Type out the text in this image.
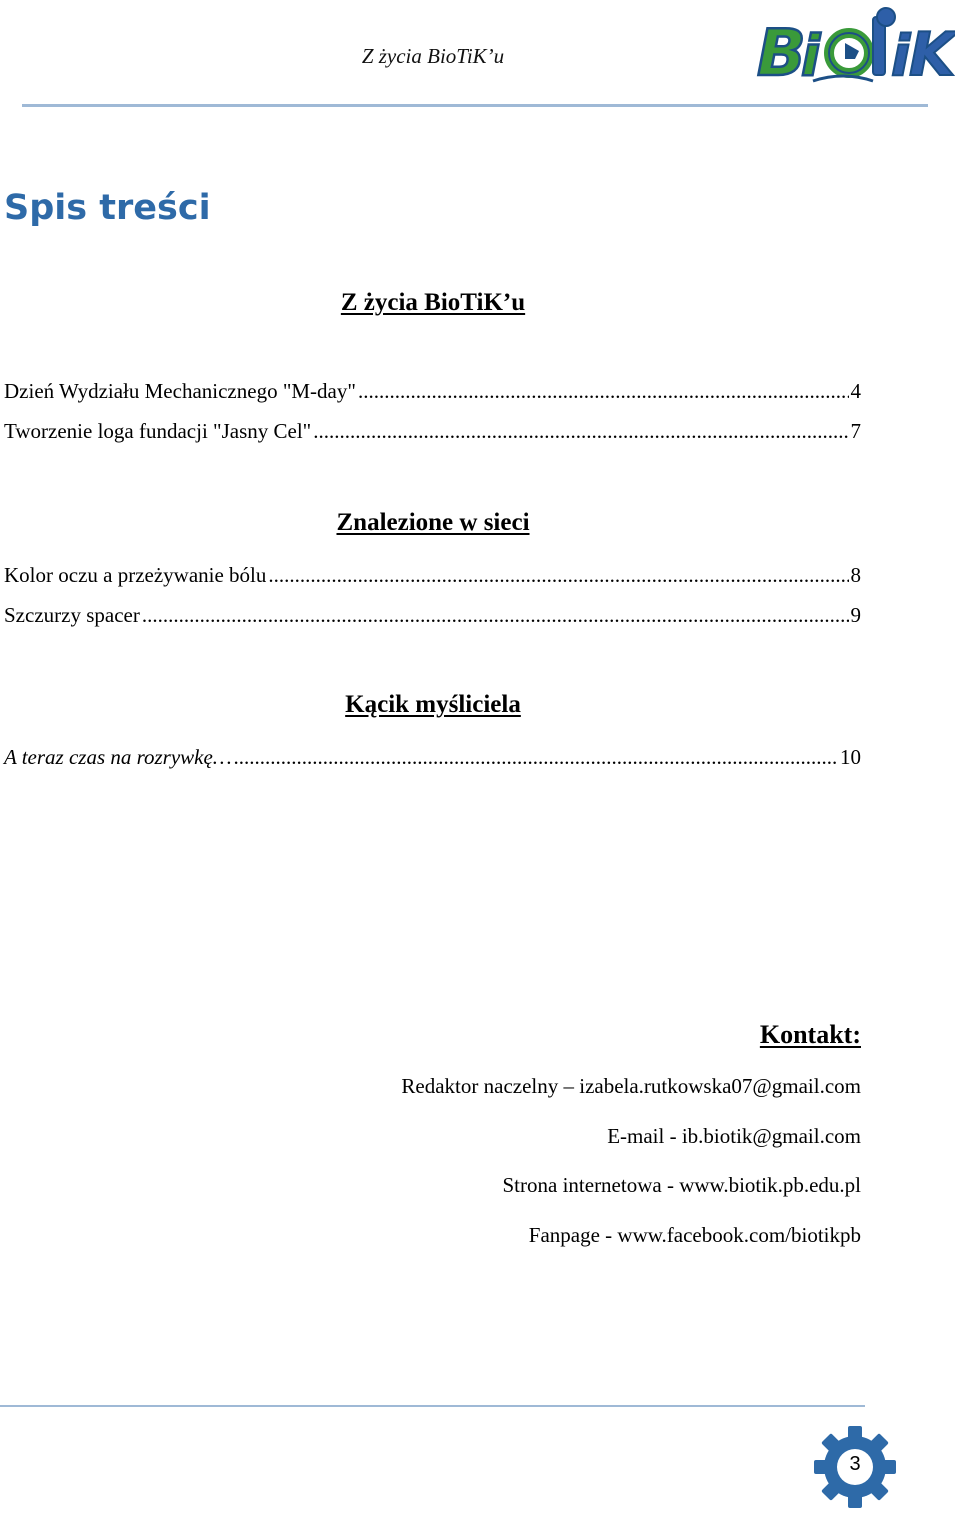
Z życia BioTiK’u	B
i i
K
Spis treści
Z życia BioTiK’u
Dzień Wydziału Mechanicznego "M-day" .....	4
Tworzenie loga fundacji "Jasny Cel" .....	7
Znalezione w sieci
Kolor oczu a przeżywanie bólu .....	8
Szczurzy spacer .....	9
Kącik myśliciela
A teraz czas na rozrywkę… .....	10
Kontakt:
Redaktor naczelny – izabela.rutkowska07@gmail.com
E-mail - ib.biotik@gmail.com
Strona internetowa - www.biotik.pb.edu.pl
Fanpage - www.facebook.com/biotikpb
3
